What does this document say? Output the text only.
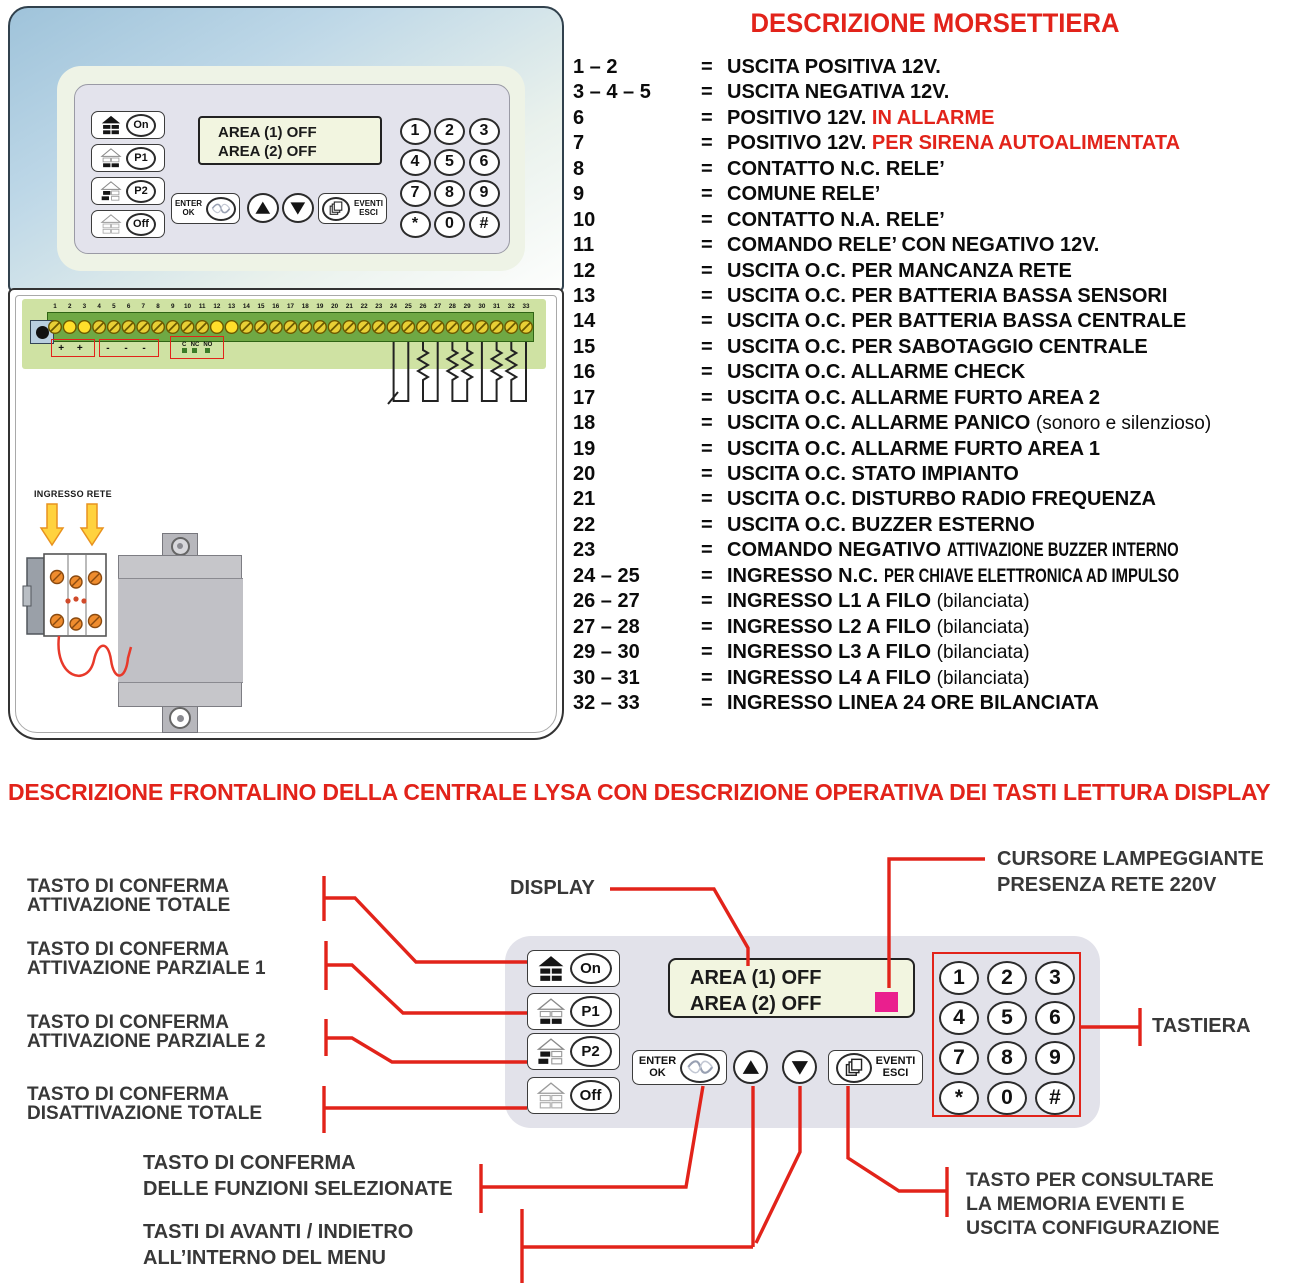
On
P1
P2
Off
AREA (1) OFF
AREA (2) OFF
ENTER
OK
EVENTI
ESCI
1	2	3
4	5	6
7	8	9
*	0	#
+ +	- - -	C NC NO
INGRESSO RETE
1 2 3 4 5 6 7 8 9 10 11 12 13 14 15 16 17 18 19 20 21 22 23 24 25 26 27 28 29 30 31 32 33
DESCRIZIONE MORSETTIERA
1 – 2	= USCITA POSITIVA 12V.
3 – 4 – 5	= USCITA NEGATIVA 12V.
6	= POSITIVO 12V. IN ALLARME
7	= POSITIVO 12V. PER SIRENA AUTOALIMENTATA
8	= CONTATTO N.C. RELE’
9	= COMUNE RELE’
10	= CONTATTO N.A. RELE’
11	= COMANDO RELE’ CON NEGATIVO 12V.
12	= USCITA O.C. PER MANCANZA RETE
13	= USCITA O.C. PER BATTERIA BASSA SENSORI
14	= USCITA O.C. PER BATTERIA BASSA CENTRALE
15	= USCITA O.C. PER SABOTAGGIO CENTRALE
16	= USCITA O.C. ALLARME CHECK
17	= USCITA O.C. ALLARME FURTO AREA 2
18	= USCITA O.C. ALLARME PANICO (sonoro e silenzioso)
19	= USCITA O.C. ALLARME FURTO AREA 1
20	= USCITA O.C. STATO IMPIANTO
21	= USCITA O.C. DISTURBO RADIO FREQUENZA
22	= USCITA O.C. BUZZER ESTERNO
23	= COMANDO NEGATIVO ATTIVAZIONE BUZZER INTERNO
24 – 25	= INGRESSO N.C. PER CHIAVE ELETTRONICA AD IMPULSO
26 – 27	= INGRESSO L1 A FILO (bilanciata)
27 – 28	= INGRESSO L2 A FILO (bilanciata)
29 – 30	= INGRESSO L3 A FILO (bilanciata)
30 – 31	= INGRESSO L4 A FILO (bilanciata)
32 – 33	= INGRESSO LINEA 24 ORE BILANCIATA
DESCRIZIONE FRONTALINO DELLA CENTRALE LYSA CON DESCRIZIONE OPERATIVA DEI TASTI LETTURA DISPLAY
On
P1
P2
Off
AREA (1) OFF
AREA (2) OFF
ENTER
OK
EVENTI
ESCI
1	2	3
4	5	6
7	8	9
*	0	#
DISPLAY
CURSORE LAMPEGGIANTE
PRESENZA RETE 220V
TASTIERA
TASTO DI CONFERMA
ATTIVAZIONE TOTALE
TASTO DI CONFERMA
ATTIVAZIONE PARZIALE 1
TASTO DI CONFERMA
ATTIVAZIONE PARZIALE 2
TASTO DI CONFERMA
DISATTIVAZIONE TOTALE
TASTO DI CONFERMA
DELLE FUNZIONI SELEZIONATE
TASTI DI AVANTI / INDIETRO
ALL’INTERNO DEL MENU
TASTO PER CONSULTARE
LA MEMORIA EVENTI E
USCITA CONFIGURAZIONE
